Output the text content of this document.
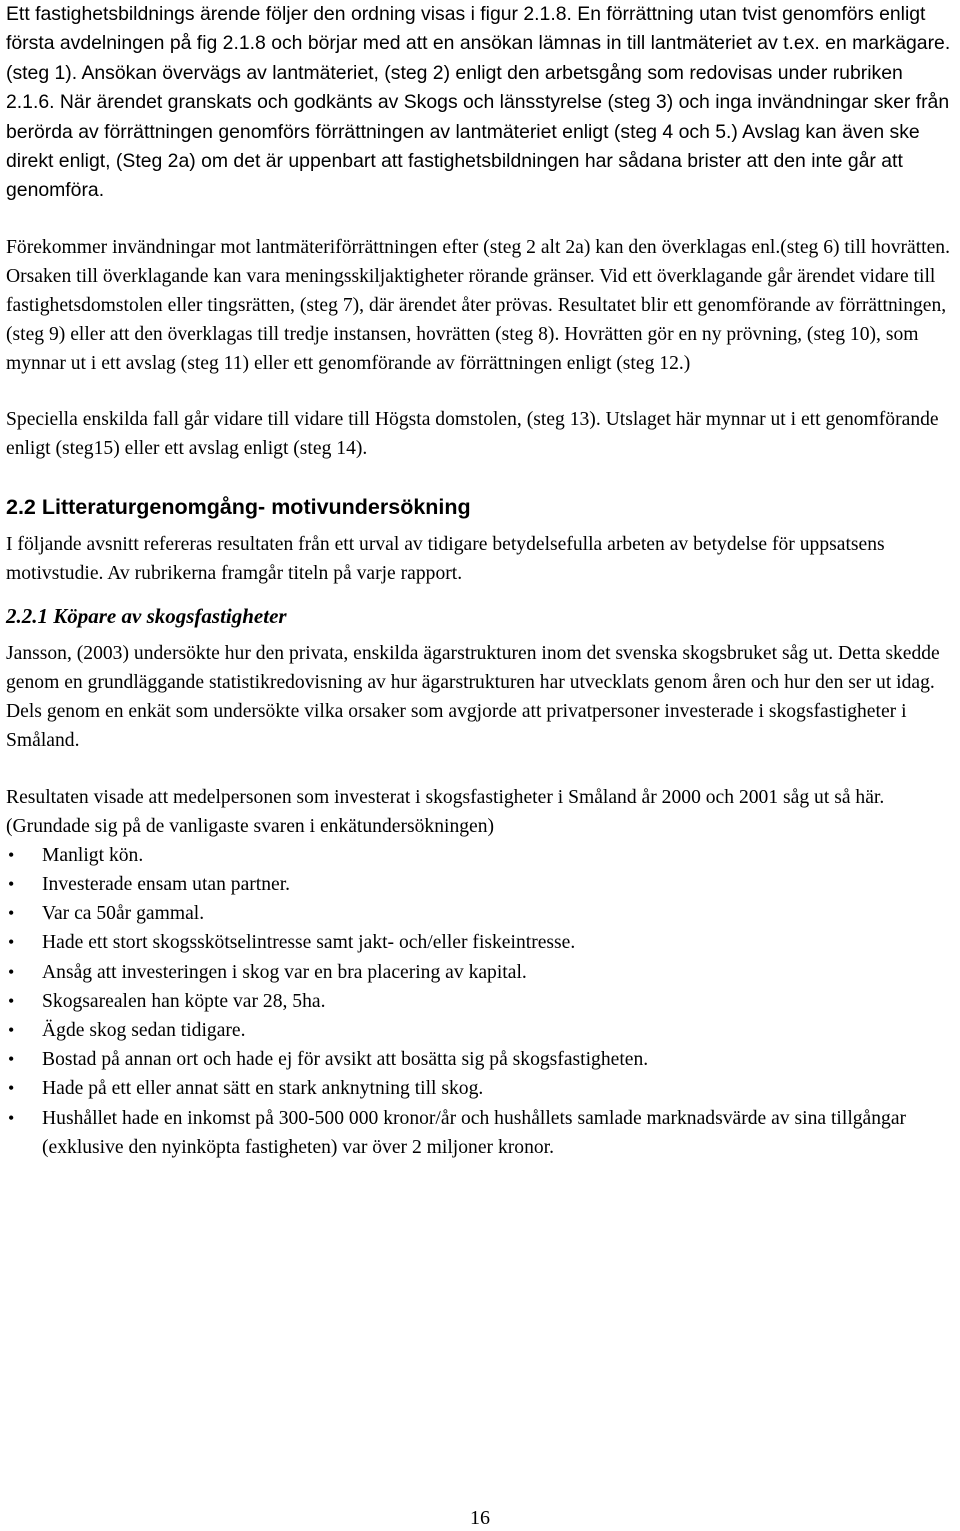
Ett fastighetsbildnings ärende följer den ordning visas i figur 2.1.8. En förrättning utan tvist genomförs enligt första avdelningen på fig 2.1.8 och börjar med att en ansökan lämnas in till lantmäteriet av t.ex. en markägare.(steg 1). Ansökan övervägs av lantmäteriet, (steg 2) enligt den arbetsgång som redovisas under rubriken 2.1.6. När ärendet granskats och godkänts av Skogs och länsstyrelse (steg 3) och inga invändningar sker från berörda av förrättningen genomförs förrättningen av lantmäteriet enligt (steg 4 och 5.) Avslag kan även ske direkt enligt, (Steg 2a) om det är uppenbart att fastighetsbildningen har sådana brister att den inte går att genomföra.

Förekommer invändningar mot lantmäteriförrättningen efter (steg 2 alt 2a) kan den överklagas enl.(steg 6) till hovrätten. Orsaken till överklagande kan vara meningsskiljaktigheter rörande gränser. Vid ett överklagande går ärendet vidare till fastighetsdomstolen eller tingsrätten, (steg 7), där ärendet åter prövas. Resultatet blir ett genomförande av förrättningen, (steg 9) eller att den överklagas till tredje instansen, hovrätten (steg 8). Hovrätten gör en ny prövning, (steg 10), som mynnar ut i ett avslag (steg 11) eller ett genomförande av förrättningen enligt (steg 12.)

Speciella enskilda fall går vidare till vidare till Högsta domstolen, (steg 13). Utslaget här mynnar ut i ett genomförande enligt (steg15) eller ett avslag enligt (steg 14).

2.2 Litteraturgenomgång- motivundersökning

I följande avsnitt refereras resultaten från ett urval av tidigare betydelsefulla arbeten av betydelse för uppsatsens motivstudie. Av rubrikerna framgår titeln på varje rapport.

2.2.1 Köpare av skogsfastigheter

Jansson, (2003) undersökte hur den privata, enskilda ägarstrukturen inom det svenska skogsbruket såg ut. Detta skedde genom en grundläggande statistikredovisning av hur ägarstrukturen har utvecklats genom åren och hur den ser ut idag. Dels genom en enkät som undersökte vilka orsaker som avgjorde att privatpersoner investerade i skogsfastigheter i Småland.

Resultaten visade att medelpersonen som investerat i skogsfastigheter i Småland år 2000 och 2001 såg ut så här. (Grundade sig på de vanligaste svaren i enkätundersökningen)

• Manligt kön.
• Investerade ensam utan partner.
• Var ca 50år gammal.
• Hade ett stort skogsskötselintresse samt jakt- och/eller fiskeintresse.
• Ansåg att investeringen i skog var en bra placering av kapital.
• Skogsarealen han köpte var 28, 5ha.
• Ägde skog sedan tidigare.
• Bostad på annan ort och hade ej för avsikt att bosätta sig på skogsfastigheten.
• Hade på ett eller annat sätt en stark anknytning till skog.
• Hushållet hade en inkomst på 300-500 000 kronor/år och hushållets samlade marknadsvärde av sina tillgångar (exklusive den nyinköpta fastigheten) var över 2 miljoner kronor.
16
